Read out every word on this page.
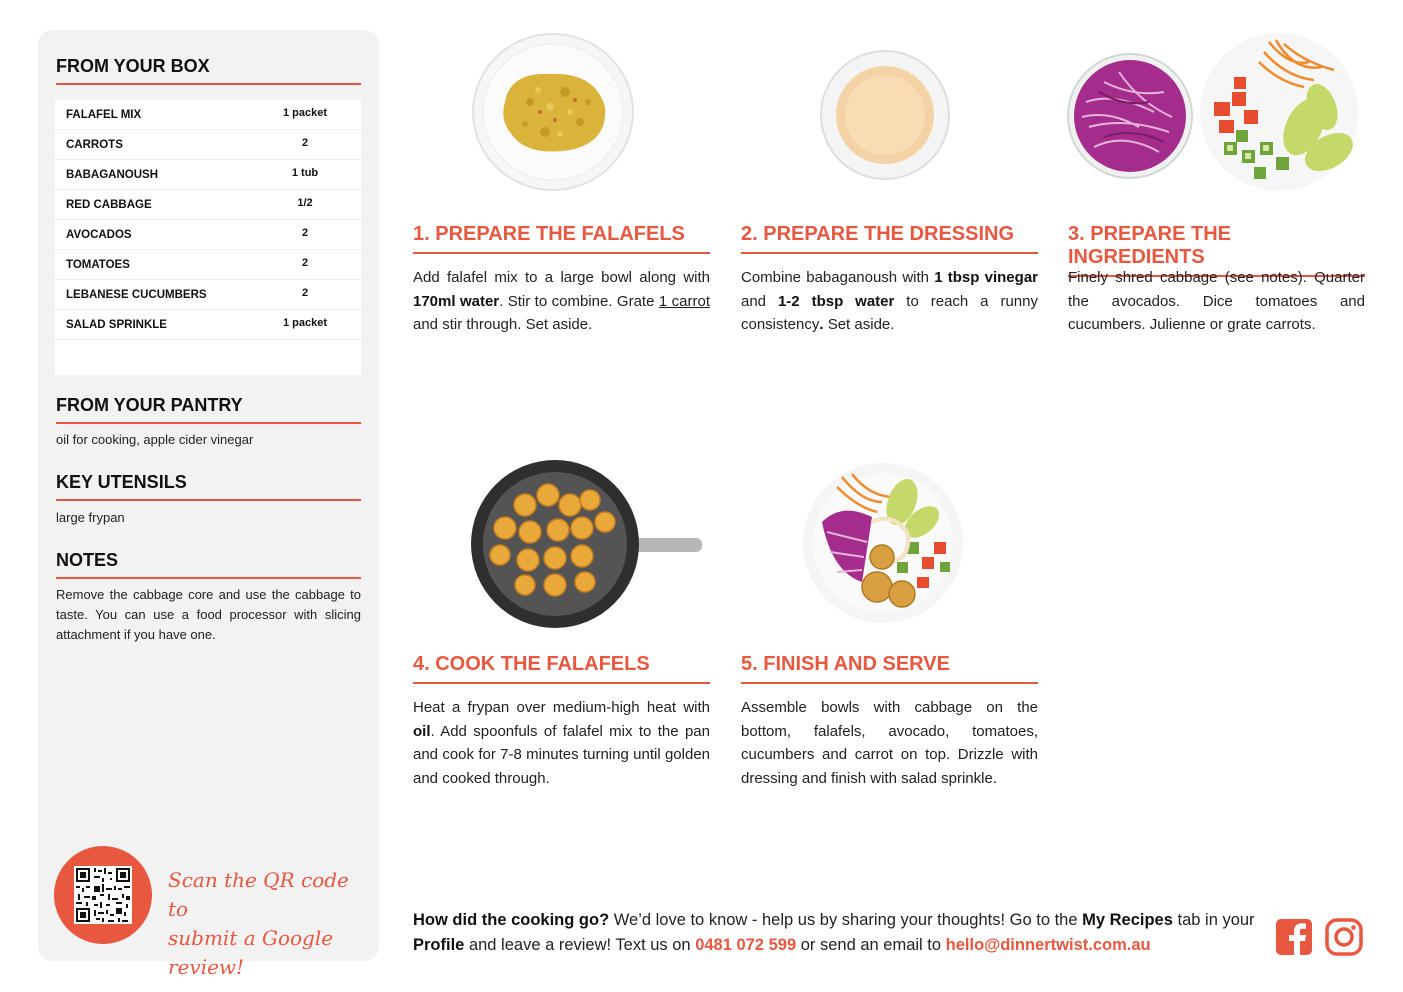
FROM YOUR BOX
FALAFEL MIX	1 packet
CARROTS	2
BABAGANOUSH	1 tub
RED CABBAGE	1/2
AVOCADOS	2
TOMATOES	2
LEBANESE CUCUMBERS	2
SALAD SPRINKLE	1 packet
FROM YOUR PANTRY
oil for cooking, apple cider vinegar
KEY UTENSILS
large frypan
NOTES
Remove the cabbage core and use the cabbage to taste. You can use a food processor with slicing attachment if you have one.
Scan the QR code to
submit a Google review!
1. PREPARE THE FALAFELS
Add falafel mix to a large bowl along with 170ml water. Stir to combine. Grate 1 carrot and stir through. Set aside.
2. PREPARE THE DRESSING
Combine babaganoush with 1 tbsp vinegar and 1-2 tbsp water to reach a runny consistency. Set aside.
3. PREPARE THE INGREDIENTS
Finely shred cabbage (see notes). Quarter the avocados. Dice tomatoes and cucumbers. Julienne or grate carrots.
4. COOK THE FALAFELS
Heat a frypan over medium-high heat with oil. Add spoonfuls of falafel mix to the pan and cook for 7-8 minutes turning until golden and cooked through.
5. FINISH AND SERVE
Assemble bowls with cabbage on the bottom, falafels, avocado, tomatoes, cucumbers and carrot on top. Drizzle with dressing and finish with salad sprinkle.
How did the cooking go? We’d love to know - help us by sharing your thoughts! Go to the My Recipes tab in your Profile and leave a review! Text us on 0481 072 599 or send an email to hello@dinnertwist.com.au
